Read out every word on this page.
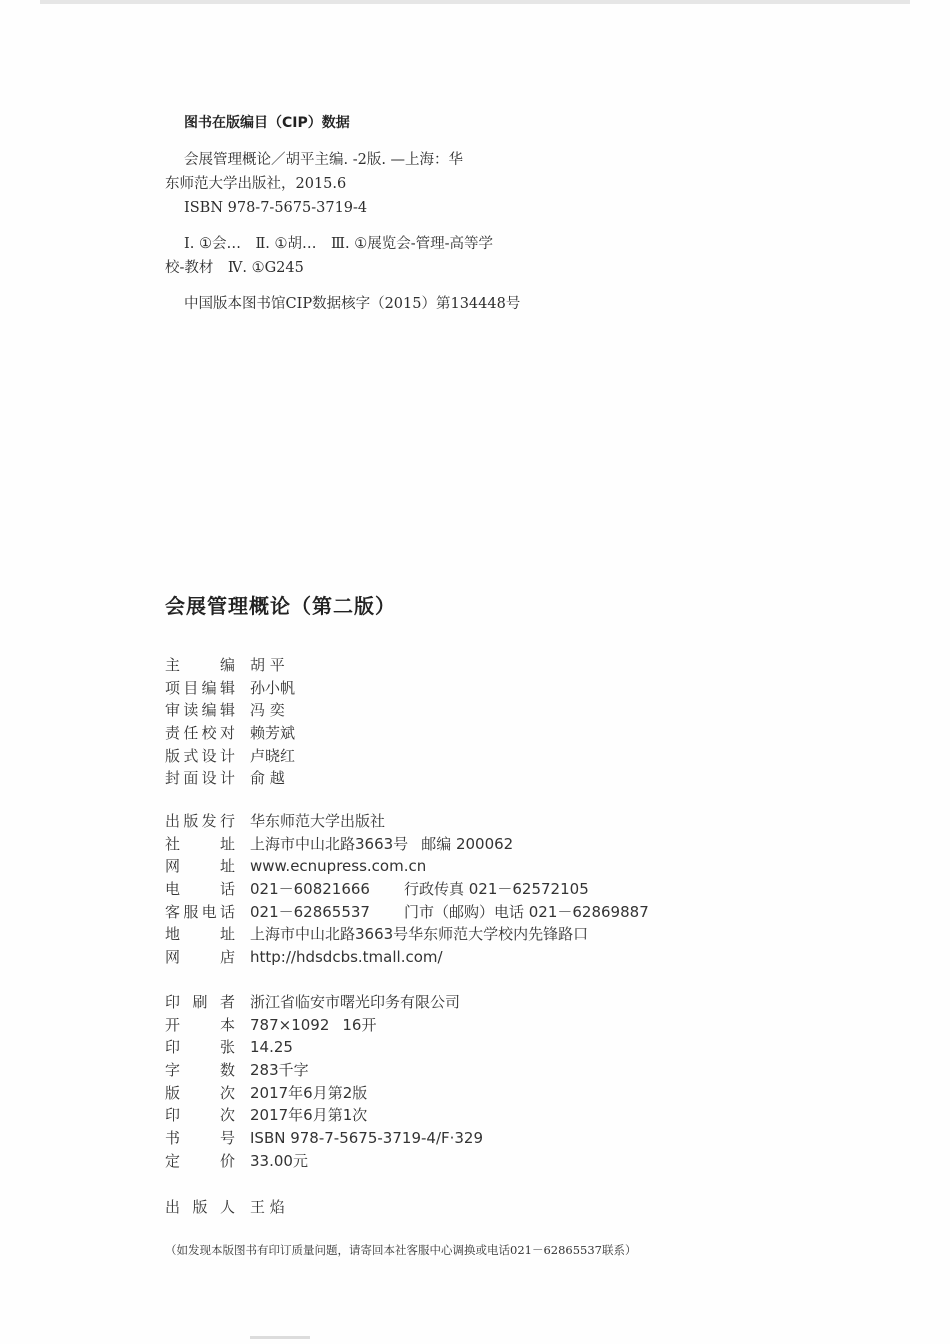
图书在版编目（CIP）数据

会展管理概论／胡平主编. -2版. —上海：华

东师范大学出版社，2015.6

ISBN 978-7-5675-3719-4

Ⅰ. ①会…　Ⅱ. ①胡…　Ⅲ. ①展览会-管理-高等学

校-教材　Ⅳ. ①G245

中国版本图书馆CIP数据核字（2015）第134448号

会展管理概论（第二版）
主编 胡 平
项目编辑 孙小帆
审读编辑 冯 奕
责任校对 赖芳斌
版式设计 卢晓红
封面设计 俞 越
出版发行 华东师范大学出版社
社址 上海市中山北路3663号 邮编 200062
网址 www.ecnupress.com.cn
电话 021－60821666 行政传真 021－62572105
客服电话 021－62865537 门市（邮购）电话 021－62869887
地址 上海市中山北路3663号华东师范大学校内先锋路口
网店 http://hdsdcbs.tmall.com/
印刷者 浙江省临安市曙光印务有限公司
开本 787×1092 16开
印张 14.25
字数 283千字
版次 2017年6月第2版
印次 2017年6月第1次
书号 ISBN 978-7-5675-3719-4/F·329
定价 33.00元
出版人 王 焰
（如发现本版图书有印订质量问题，请寄回本社客服中心调换或电话021－62865537联系）
